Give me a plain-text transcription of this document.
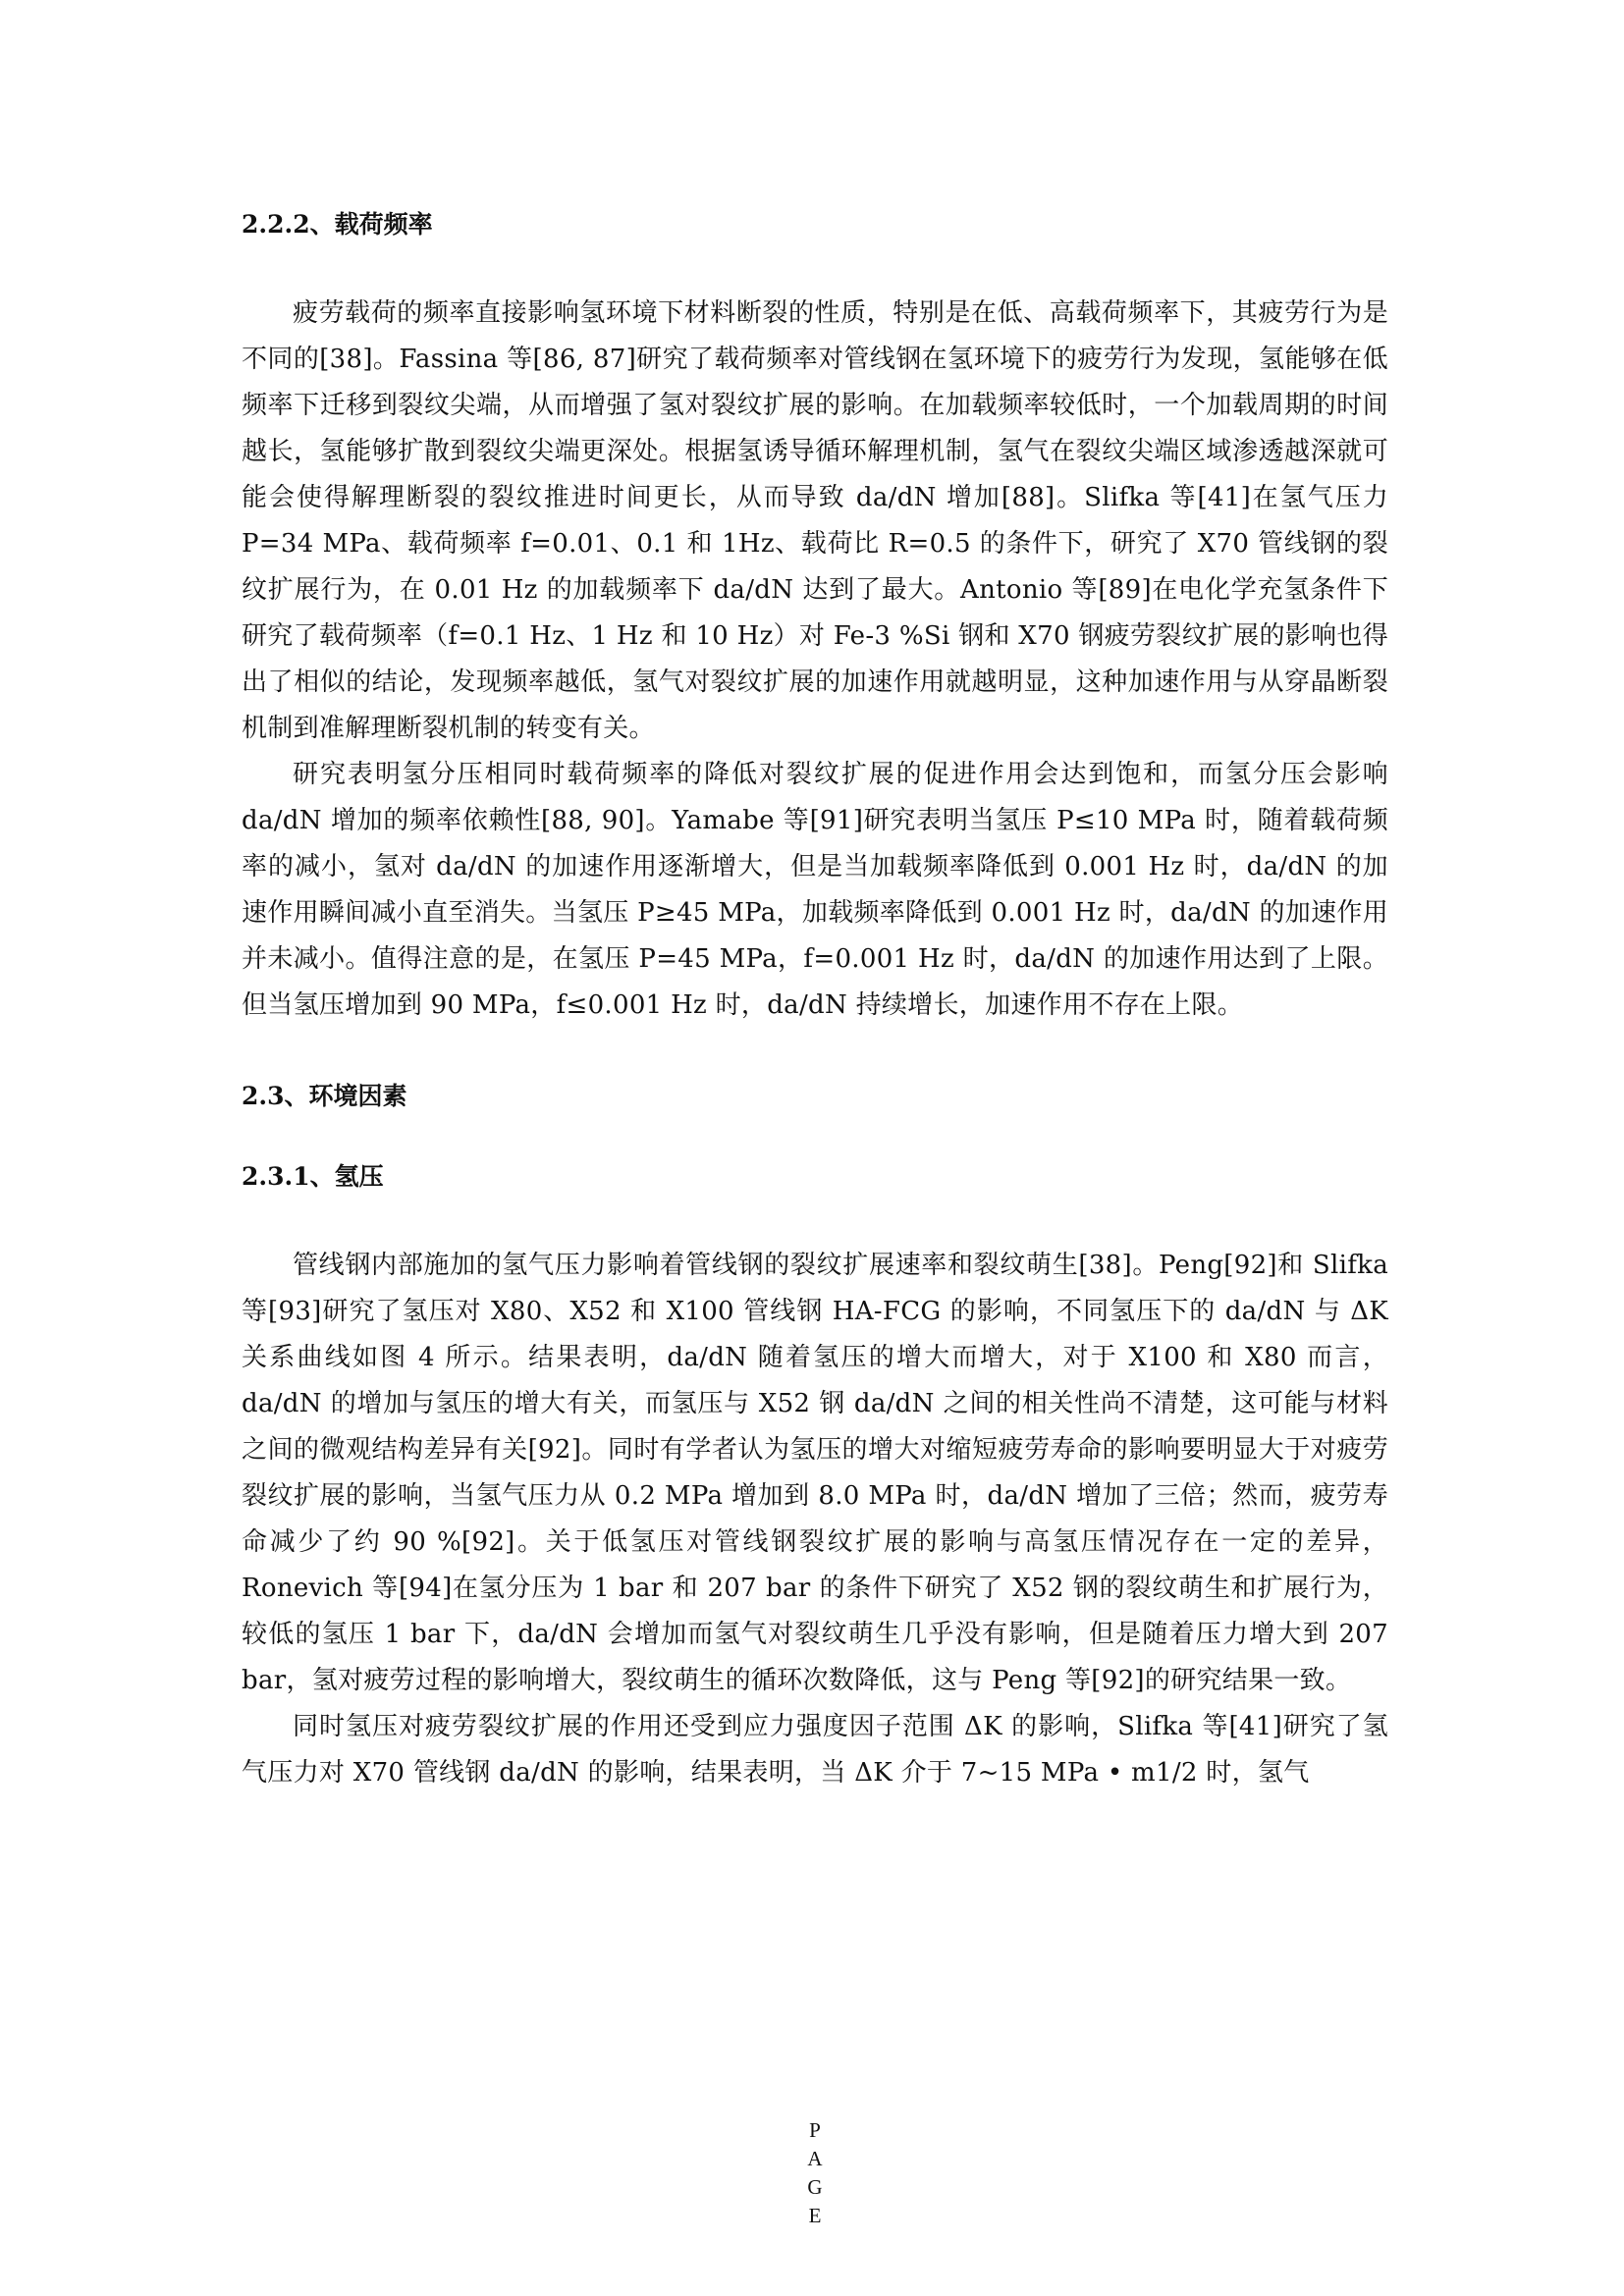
2.2.2、载荷频率

疲劳载荷的频率直接影响氢环境下材料断裂的性质，特别是在低、高载荷频率下，其疲劳行为是不同的[38]。Fassina 等[86, 87]研究了载荷频率对管线钢在氢环境下的疲劳行为发现，氢能够在低频率下迁移到裂纹尖端，从而增强了氢对裂纹扩展的影响。在加载频率较低时，一个加载周期的时间越长，氢能够扩散到裂纹尖端更深处。根据氢诱导循环解理机制，氢气在裂纹尖端区域渗透越深就可能会使得解理断裂的裂纹推进时间更长，从而导致 da/dN 增加[88]。Slifka 等[41]在氢气压力 P=34 MPa、载荷频率 f=0.01、0.1 和 1Hz、载荷比 R=0.5 的条件下，研究了 X70 管线钢的裂纹扩展行为，在 0.01 Hz 的加载频率下 da/dN 达到了最大。Antonio 等[89]在电化学充氢条件下研究了载荷频率（f=0.1 Hz、1 Hz 和 10 Hz）对 Fe-3 %Si 钢和 X70 钢疲劳裂纹扩展的影响也得出了相似的结论，发现频率越低，氢气对裂纹扩展的加速作用就越明显，这种加速作用与从穿晶断裂机制到准解理断裂机制的转变有关。

研究表明氢分压相同时载荷频率的降低对裂纹扩展的促进作用会达到饱和，而氢分压会影响 da/dN 增加的频率依赖性[88, 90]。Yamabe 等[91]研究表明当氢压 P≤10 MPa 时，随着载荷频率的减小，氢对 da/dN 的加速作用逐渐增大，但是当加载频率降低到 0.001 Hz 时，da/dN 的加速作用瞬间减小直至消失。当氢压 P≥45 MPa，加载频率降低到 0.001 Hz 时，da/dN 的加速作用并未减小。值得注意的是，在氢压 P=45 MPa，f=0.001 Hz 时，da/dN 的加速作用达到了上限。但当氢压增加到 90 MPa，f≤0.001 Hz 时，da/dN 持续增长，加速作用不存在上限。

2.3、环境因素

2.3.1、氢压

管线钢内部施加的氢气压力影响着管线钢的裂纹扩展速率和裂纹萌生[38]。Peng[92]和 Slifka 等[93]研究了氢压对 X80、X52 和 X100 管线钢 HA-FCG 的影响，不同氢压下的 da/dN 与 ΔK 关系曲线如图 4 所示。结果表明，da/dN 随着氢压的增大而增大，对于 X100 和 X80 而言，da/dN 的增加与氢压的增大有关，而氢压与 X52 钢 da/dN 之间的相关性尚不清楚，这可能与材料之间的微观结构差异有关[92]。同时有学者认为氢压的增大对缩短疲劳寿命的影响要明显大于对疲劳裂纹扩展的影响，当氢气压力从 0.2 MPa 增加到 8.0 MPa 时，da/dN 增加了三倍；然而，疲劳寿命减少了约 90 %[92]。关于低氢压对管线钢裂纹扩展的影响与高氢压情况存在一定的差异，Ronevich 等[94]在氢分压为 1 bar 和 207 bar 的条件下研究了 X52 钢的裂纹萌生和扩展行为，较低的氢压 1 bar 下，da/dN 会增加而氢气对裂纹萌生几乎没有影响，但是随着压力增大到 207 bar，氢对疲劳过程的影响增大，裂纹萌生的循环次数降低，这与 Peng 等[92]的研究结果一致。

同时氢压对疲劳裂纹扩展的作用还受到应力强度因子范围 ΔK 的影响，Slifka 等[41]研究了氢气压力对 X70 管线钢 da/dN 的影响，结果表明，当 ΔK 介于 7~15 MPa • m1/2 时，氢气

P
A
G
E
